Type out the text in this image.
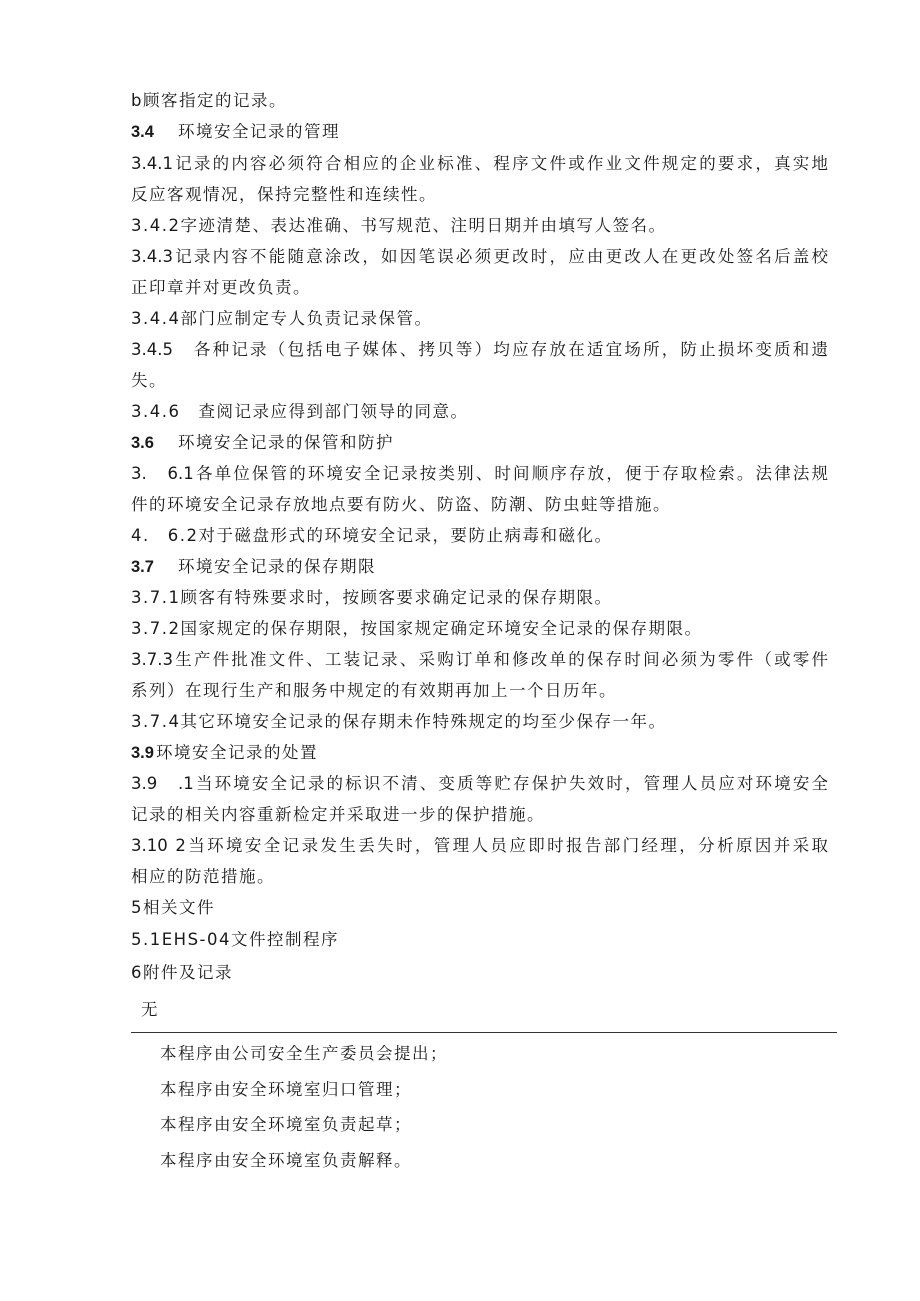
b顾客指定的记录。
3.4 环境安全记录的管理
3.4.1记录的内容必须符合相应的企业标准、程序文件或作业文件规定的要求，真实地
反应客观情况，保持完整性和连续性。
3.4.2字迹清楚、表达准确、书写规范、注明日期并由填写人签名。
3.4.3记录内容不能随意涂改，如因笔误必须更改时，应由更改人在更改处签名后盖校
正印章并对更改负责。
3.4.4部门应制定专人负责记录保管。
3.4.5　各种记录（包括电子媒体、拷贝等）均应存放在适宜场所，防止损坏变质和遗
失。
3.4.6　查阅记录应得到部门领导的同意。
3.6 环境安全记录的保管和防护
3.　6.1各单位保管的环境安全记录按类别、时间顺序存放，便于存取检索。法律法规
件的环境安全记录存放地点要有防火、防盗、防潮、防虫蛀等措施。
4.　6.2对于磁盘形式的环境安全记录，要防止病毒和磁化。
3.7 环境安全记录的保存期限
3.7.1顾客有特殊要求时，按顾客要求确定记录的保存期限。
3.7.2国家规定的保存期限，按国家规定确定环境安全记录的保存期限。
3.7.3生产件批准文件、工装记录、采购订单和修改单的保存时间必须为零件（或零件
系列）在现行生产和服务中规定的有效期再加上一个日历年。
3.7.4其它环境安全记录的保存期未作特殊规定的均至少保存一年。
3.9 环境安全记录的处置
3.9　.1当环境安全记录的标识不清、变质等贮存保护失效时，管理人员应对环境安全
记录的相关内容重新检定并采取进一步的保护措施。
3.10 2当环境安全记录发生丢失时，管理人员应即时报告部门经理，分析原因并采取
相应的防范措施。
5相关文件
5.1EHS-04文件控制程序
6附件及记录
无
本程序由公司安全生产委员会提出；
本程序由安全环境室归口管理；
本程序由安全环境室负责起草；
本程序由安全环境室负责解释。
